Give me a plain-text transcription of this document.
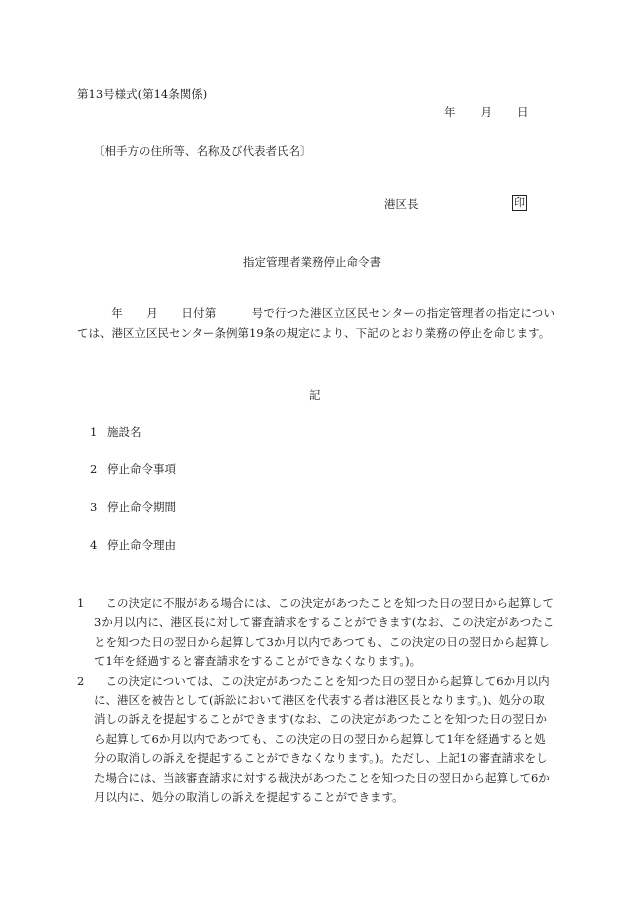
第13号様式(第14条関係)
年 月 日
〔相手方の住所等、名称及び代表者氏名〕
港区長	印
指定管理者業務停止命令書
年　　月　　日付第　　　号で行つた港区立区民センターの指定管理者の指定については、港区立区民センター条例第19条の規定により、下記のとおり業務の停止を命じます。
記
1 施設名
2 停止命令事項
3 停止命令期間
4 停止命令理由
1	この決定に不服がある場合には、この決定があつたことを知つた日の翌日から起算して3か月以内に、港区長に対して審査請求をすることができます(なお、この決定があつたことを知つた日の翌日から起算して3か月以内であつても、この決定の日の翌日から起算して1年を経過すると審査請求をすることができなくなります。)。
2	この決定については、この決定があつたことを知つた日の翌日から起算して6か月以内に、港区を被告として(訴訟において港区を代表する者は港区長となります。)、処分の取消しの訴えを提起することができます(なお、この決定があつたことを知つた日の翌日から起算して6か月以内であつても、この決定の日の翌日から起算して1年を経過すると処分の取消しの訴えを提起することができなくなります。)。ただし、上記1の審査請求をした場合には、当該審査請求に対する裁決があつたことを知つた日の翌日から起算して6か月以内に、処分の取消しの訴えを提起することができます。
